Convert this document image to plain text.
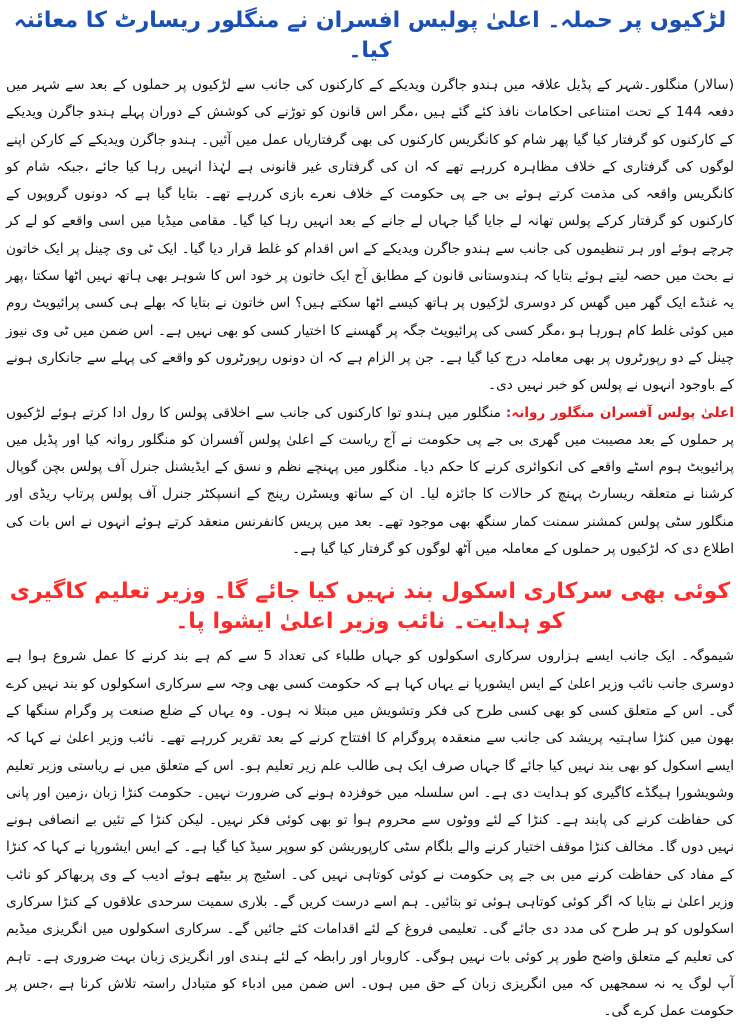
لڑکیوں پر حملہ۔ اعلیٰ پولیس افسران نے منگلور ریسارٹ کا معائنہ کیا۔

(سالار) منگلور۔شہر کے پڈیل علاقہ میں ہندو جاگرن ویدیکے کے کارکنوں کی جانب سے لڑکیوں پر حملوں کے بعد سے شہر میں دفعہ 144 کے تحت امتناعی احکامات نافذ کئے گئے ہیں ،مگر اس قانون کو توڑنے کی کوشش کے دوران پہلے ہندو جاگرن ویدیکے کے کارکنوں کو گرفتار کیا گیا پھر شام کو کانگریس کارکنوں کی بھی گرفتاریاں عمل میں آئیں۔ ہندو جاگرن ویدیکے کے کارکن اپنے لوگوں کی گرفتاری کے خلاف مظاہرہ کررہے تھے کہ ان کی گرفتاری غیر قانونی ہے لہٰذا انہیں رہا کیا جائے ،جبکہ شام کو کانگریس واقعہ کی مذمت کرتے ہوئے بی جے پی حکومت کے خلاف نعرے بازی کررہے تھے۔ بتایا گیا ہے کہ دونوں گروپوں کے کارکنوں کو گرفتار کرکے پولس تھانہ لے جایا گیا جہاں لے جانے کے بعد انہیں رہا کیا گیا۔ مقامی میڈیا میں اسی واقعے کو لے کر چرچے ہوئے اور ہر تنظیموں کی جانب سے ہندو جاگرن ویدیکے کے اس اقدام کو غلط قرار دیا گیا۔ ایک ٹی وی چینل پر ایک خاتون نے بحث میں حصہ لیتے ہوئے بتایا کہ ہندوستانی قانون کے مطابق آج ایک خاتون پر خود اس کا شوہر بھی ہاتھ نہیں اٹھا سکتا ،پھر یہ غنڈے ایک گھر میں گھس کر دوسری لڑکیوں پر ہاتھ کیسے اٹھا سکتے ہیں؟ اس خاتون نے بتایا کہ بھلے ہی کسی پرائیویٹ روم میں کوئی غلط کام ہورہا ہو ،مگر کسی کی پرائیویٹ جگہ پر گھسنے کا اختیار کسی کو بھی نہیں ہے۔ اس ضمن میں ٹی وی نیوز چینل کے دو رپورٹروں پر بھی معاملہ درج کیا گیا ہے۔ جن پر الزام ہے کہ ان دونوں رپورٹروں کو واقعے کی پہلے سے جانکاری ہونے کے باوجود انہوں نے پولس کو خبر نہیں دی۔

اعلیٰ پولس آفسران منگلور روانہ: منگلور میں ہندو توا کارکنوں کی جانب سے اخلاقی پولس کا رول ادا کرتے ہوئے لڑکیوں پر حملوں کے بعد مصیبت میں گھری بی جے پی حکومت نے آج ریاست کے اعلیٰ پولس آفسران کو منگلور روانہ کیا اور پڈیل میں پرائیویٹ ہوم اسٹے واقعے کی انکوائری کرنے کا حکم دیا۔ منگلور میں پہنچے نظم و نسق کے ایڈیشنل جنرل آف پولس بچن گوپال کرشنا نے متعلقہ ریسارٹ پہنچ کر حالات کا جائزہ لیا۔ ان کے ساتھ ویسٹرن رینج کے انسپکٹر جنرل آف پولس پرتاپ ریڈی اور منگلور سٹی پولس کمشنر سمنت کمار سنگھ بھی موجود تھے۔ بعد میں پریس کانفرنس منعقد کرتے ہوئے انہوں نے اس بات کی اطلاع دی کہ لڑکیوں پر حملوں کے معاملہ میں آٹھ لوگوں کو گرفتار کیا گیا ہے۔

کوئی بھی سرکاری اسکول بند نہیں کیا جائے گا۔ وزیر تعلیم کاگیری کو ہدایت۔ نائب وزیر اعلیٰ ایشوا پا۔

شیموگہ۔ ایک جانب ایسے ہزاروں سرکاری اسکولوں کو جہاں طلباء کی تعداد 5 سے کم ہے بند کرنے کا عمل شروع ہوا ہے دوسری جانب نائب وزیر اعلیٰ کے ایس ایشورپا نے یہاں کہا ہے کہ حکومت کسی بھی وجہ سے سرکاری اسکولوں کو بند نہیں کرے گی۔ اس کے متعلق کسی کو بھی کسی طرح کی فکر وتشویش میں مبتلا نہ ہوں۔ وہ یہاں کے ضلع صنعت پر وگرام سنگھا کے بھون میں کنڑا ساہتیہ پریشد کی جانب سے منعقدہ پروگرام کا افتتاح کرنے کے بعد تقریر کررہے تھے۔ نائب وزیر اعلیٰ نے کہا کہ ایسے اسکول کو بھی بند نہیں کیا جائے گا جہاں صرف ایک ہی طالب علم زیر تعلیم ہو۔ اس کے متعلق میں نے ریاستی وزیر تعلیم وشویشورا ہیگڈے کاگیری کو ہدایت دی ہے۔ اس سلسلہ میں خوفزدہ ہونے کی ضرورت نہیں۔ حکومت کنڑا زبان ،زمین اور پانی کی حفاظت کرنے کی پابند ہے۔ کنڑا کے لئے ووٹوں سے محروم ہوا تو بھی کوئی فکر نہیں۔ لیکن کنڑا کے تئیں بے انصافی ہونے نہیں دوں گا۔ مخالف کنڑا موقف اختیار کرنے والے بلگام سٹی کارپوریشن کو سوپر سیڈ کیا گیا ہے۔ کے ایس ایشورپا نے کہا کہ کنڑا کے مفاد کی حفاظت کرنے میں بی جے پی حکومت نے کوئی کوتاہی نہیں کی۔ اسٹیج پر بیٹھے ہوئے ادیب کے وی پربھاکر کو نائب وزیر اعلیٰ نے بتایا کہ اگر کوئی کوتاہی ہوئی تو بتائیں۔ ہم اسے درست کریں گے۔ بلاری سمیت سرحدی علاقوں کے کنڑا سرکاری اسکولوں کو ہر طرح کی مدد دی جائے گی۔ تعلیمی فروغ کے لئے اقدامات کئے جائیں گے۔ سرکاری اسکولوں میں انگریزی میڈیم کی تعلیم کے متعلق واضح طور پر کوئی بات نہیں ہوگی۔ کاروبار اور رابطہ کے لئے ہندی اور انگریزی زبان بہت ضروری ہے۔ تاہم آپ لوگ یہ نہ سمجھیں کہ میں انگریزی زبان کے حق میں ہوں۔ اس ضمن میں ادباء کو متبادل راستہ تلاش کرنا ہے ،جس پر حکومت عمل کرے گی۔
